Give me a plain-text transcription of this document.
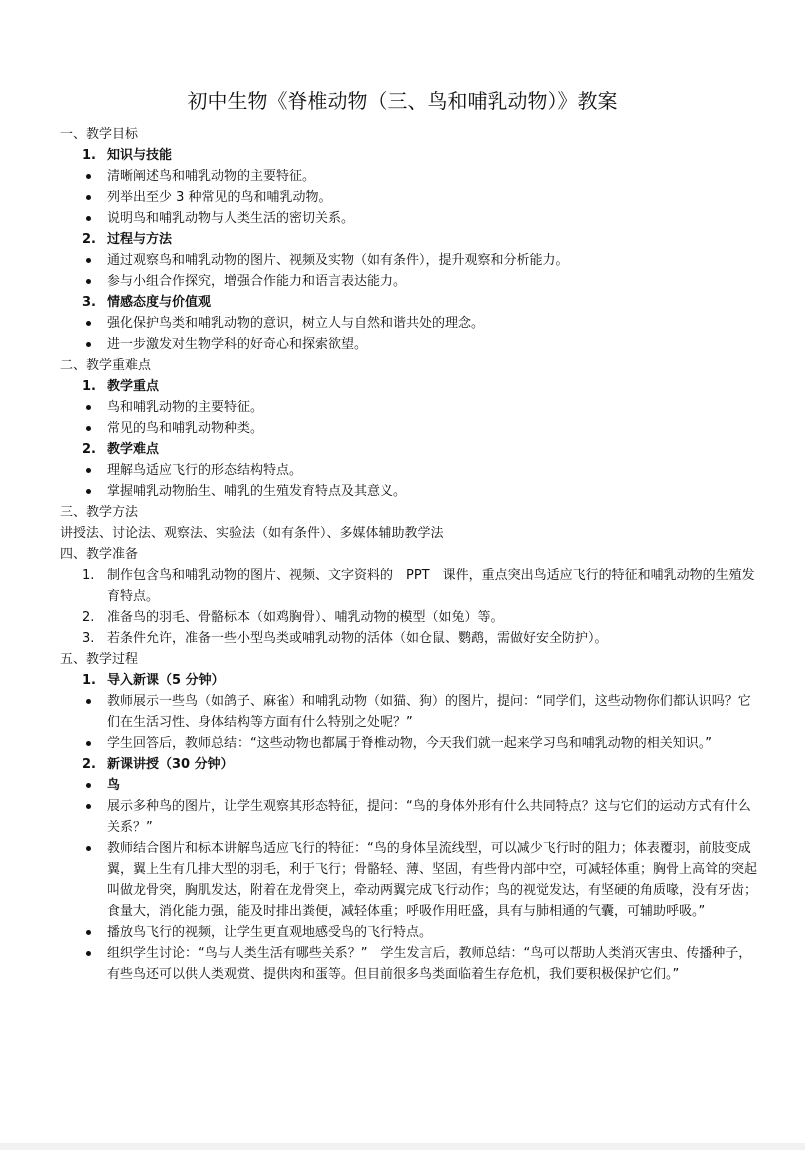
初中生物《脊椎动物（三、鸟和哺乳动物）》教案
一、教学目标
1. 知识与技能
清晰阐述鸟和哺乳动物的主要特征。
列举出至少 3 种常见的鸟和哺乳动物。
说明鸟和哺乳动物与人类生活的密切关系。
2. 过程与方法
通过观察鸟和哺乳动物的图片、视频及实物（如有条件），提升观察和分析能力。
参与小组合作探究，增强合作能力和语言表达能力。
3. 情感态度与价值观
强化保护鸟类和哺乳动物的意识，树立人与自然和谐共处的理念。
进一步激发对生物学科的好奇心和探索欲望。
二、教学重难点
1. 教学重点
鸟和哺乳动物的主要特征。
常见的鸟和哺乳动物种类。
2. 教学难点
理解鸟适应飞行的形态结构特点。
掌握哺乳动物胎生、哺乳的生殖发育特点及其意义。
三、教学方法
讲授法、讨论法、观察法、实验法（如有条件）、多媒体辅助教学法
四、教学准备
1. 制作包含鸟和哺乳动物的图片、视频、文字资料的　PPT　课件，重点突出鸟适应飞行的特征和哺乳动物的生殖发育特点。
2. 准备鸟的羽毛、骨骼标本（如鸡胸骨）、哺乳动物的模型（如兔）等。
3. 若条件允许，准备一些小型鸟类或哺乳动物的活体（如仓鼠、鹦鹉，需做好安全防护）。
五、教学过程
1. 导入新课（5 分钟）
教师展示一些鸟（如鸽子、麻雀）和哺乳动物（如猫、狗）的图片，提问：“同学们，这些动物你们都认识吗？它们在生活习性、身体结构等方面有什么特别之处呢？”
学生回答后，教师总结：“这些动物也都属于脊椎动物，今天我们就一起来学习鸟和哺乳动物的相关知识。”
2. 新课讲授（30 分钟）
鸟
展示多种鸟的图片，让学生观察其形态特征，提问：“鸟的身体外形有什么共同特点？这与它们的运动方式有什么关系？”
教师结合图片和标本讲解鸟适应飞行的特征：“鸟的身体呈流线型，可以减少飞行时的阻力；体表覆羽，前肢变成翼，翼上生有几排大型的羽毛，利于飞行；骨骼轻、薄、坚固，有些骨内部中空，可减轻体重；胸骨上高耸的突起叫做龙骨突，胸肌发达，附着在龙骨突上，牵动两翼完成飞行动作；鸟的视觉发达，有坚硬的角质喙，没有牙齿；食量大，消化能力强，能及时排出粪便，减轻体重；呼吸作用旺盛，具有与肺相通的气囊，可辅助呼吸。”
播放鸟飞行的视频，让学生更直观地感受鸟的飞行特点。
组织学生讨论：“鸟与人类生活有哪些关系？”　学生发言后，教师总结：“鸟可以帮助人类消灭害虫、传播种子，有些鸟还可以供人类观赏、提供肉和蛋等。但目前很多鸟类面临着生存危机，我们要积极保护它们。”
